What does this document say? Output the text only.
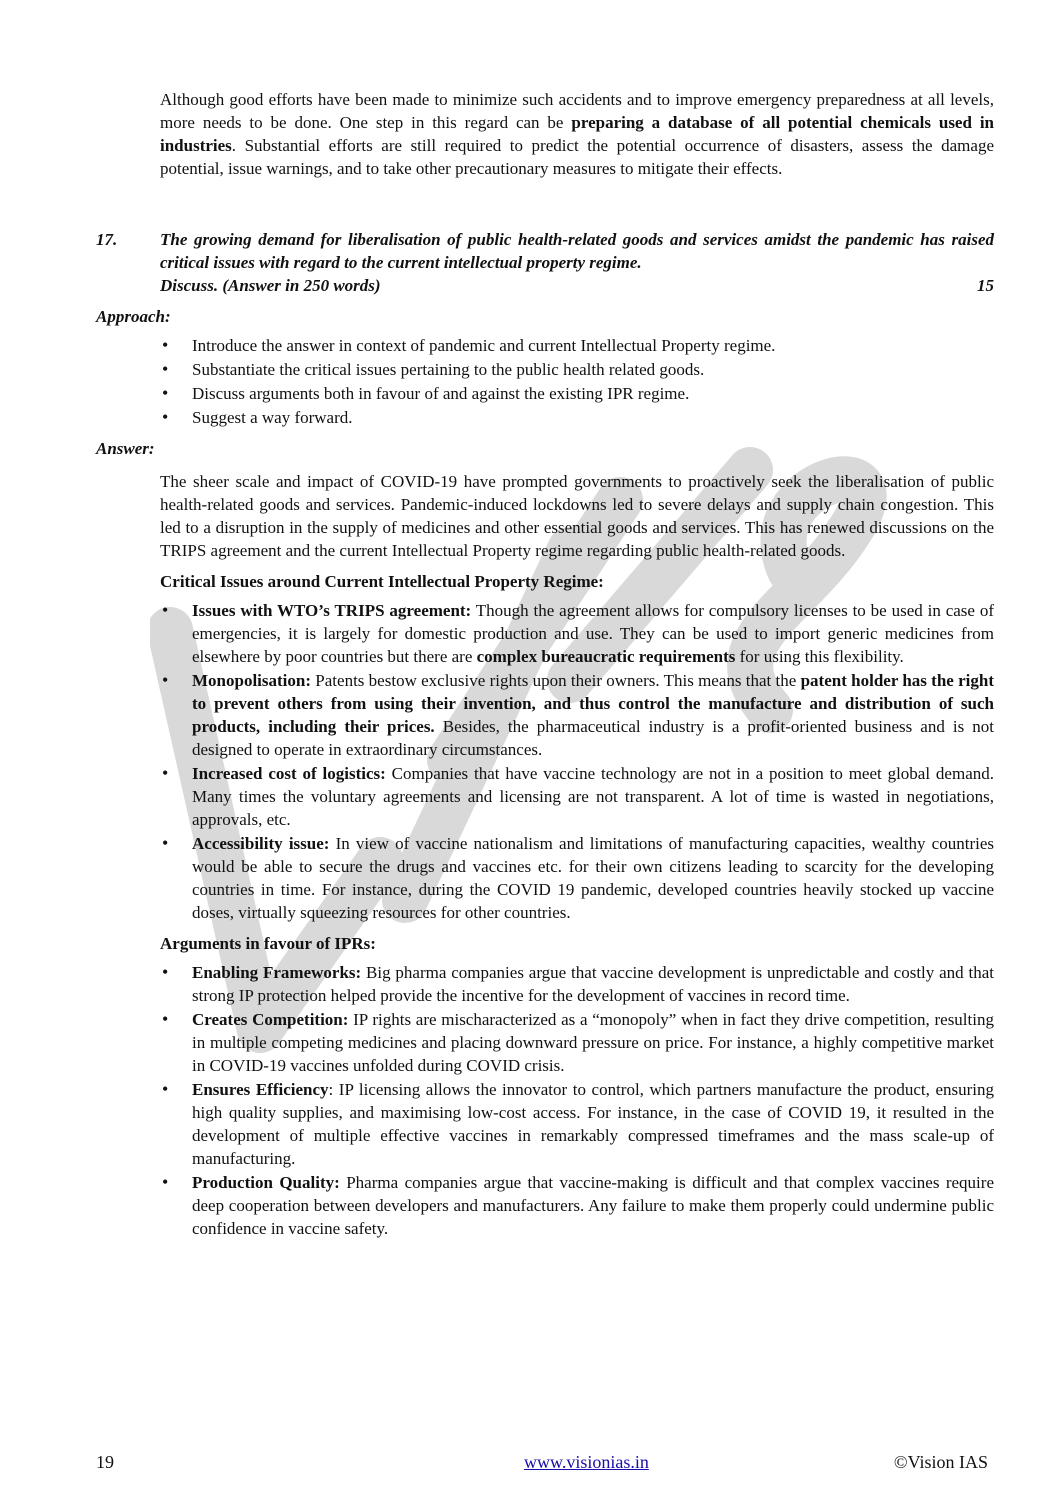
Although good efforts have been made to minimize such accidents and to improve emergency preparedness at all levels, more needs to be done. One step in this regard can be preparing a database of all potential chemicals used in industries. Substantial efforts are still required to predict the potential occurrence of disasters, assess the damage potential, issue warnings, and to take other precautionary measures to mitigate their effects.

17.	The growing demand for liberalisation of public health-related goods and services amidst the pandemic has raised critical issues with regard to the current intellectual property regime.
Discuss. (Answer in 250 words)	15
Approach:
• Introduce the answer in context of pandemic and current Intellectual Property regime.
• Substantiate the critical issues pertaining to the public health related goods.
• Discuss arguments both in favour of and against the existing IPR regime.
• Suggest a way forward.
Answer:

The sheer scale and impact of COVID-19 have prompted governments to proactively seek the liberalisation of public health-related goods and services. Pandemic-induced lockdowns led to severe delays and supply chain congestion. This led to a disruption in the supply of medicines and other essential goods and services. This has renewed discussions on the TRIPS agreement and the current Intellectual Property regime regarding public health-related goods.

Critical Issues around Current Intellectual Property Regime:
• Issues with WTO’s TRIPS agreement: Though the agreement allows for compulsory licenses to be used in case of emergencies, it is largely for domestic production and use. They can be used to import generic medicines from elsewhere by poor countries but there are complex bureaucratic requirements for using this flexibility.
• Monopolisation: Patents bestow exclusive rights upon their owners. This means that the patent holder has the right to prevent others from using their invention, and thus control the manufacture and distribution of such products, including their prices. Besides, the pharmaceutical industry is a profit-oriented business and is not designed to operate in extraordinary circumstances.
• Increased cost of logistics: Companies that have vaccine technology are not in a position to meet global demand. Many times the voluntary agreements and licensing are not transparent. A lot of time is wasted in negotiations, approvals, etc.
• Accessibility issue: In view of vaccine nationalism and limitations of manufacturing capacities, wealthy countries would be able to secure the drugs and vaccines etc. for their own citizens leading to scarcity for the developing countries in time. For instance, during the COVID 19 pandemic, developed countries heavily stocked up vaccine doses, virtually squeezing resources for other countries.
Arguments in favour of IPRs:
• Enabling Frameworks: Big pharma companies argue that vaccine development is unpredictable and costly and that strong IP protection helped provide the incentive for the development of vaccines in record time.
• Creates Competition: IP rights are mischaracterized as a “monopoly” when in fact they drive competition, resulting in multiple competing medicines and placing downward pressure on price. For instance, a highly competitive market in COVID-19 vaccines unfolded during COVID crisis.
• Ensures Efficiency: IP licensing allows the innovator to control, which partners manufacture the product, ensuring high quality supplies, and maximising low-cost access. For instance, in the case of COVID 19, it resulted in the development of multiple effective vaccines in remarkably compressed timeframes and the mass scale-up of manufacturing.
• Production Quality: Pharma companies argue that vaccine-making is difficult and that complex vaccines require deep cooperation between developers and manufacturers. Any failure to make them properly could undermine public confidence in vaccine safety.
19	www.visionias.in	©Vision IAS
